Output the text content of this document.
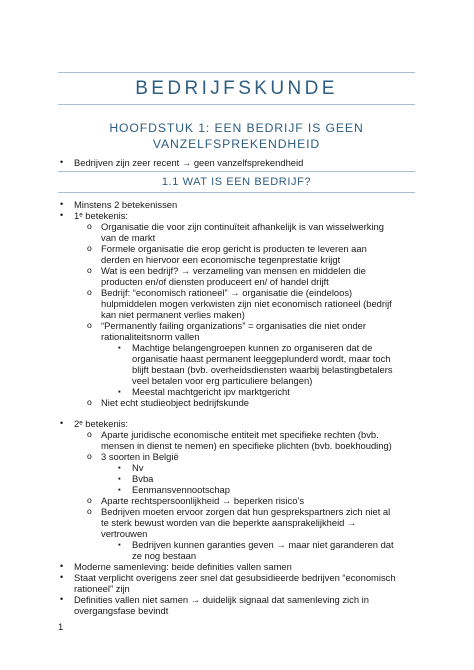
BEDRIJFSKUNDE
HOOFDSTUK 1: EEN BEDRIJF IS GEEN
VANZELFSPREKENDHEID
1.1 WAT IS EEN BEDRIJF?
• Bedrijven zijn zeer recent → geen vanzelfsprekendheid
• Minstens 2 betekenissen
• 1ᵉ betekenis:
o Organisatie die voor zijn continuïteit afhankelijk is van wisselwerking
van de markt
o Formele organisatie die erop gericht is producten te leveren aan
derden en hiervoor een economische tegenprestatie krijgt
o Wat is een bedrijf? → verzameling van mensen en middelen die
producten en/of diensten produceert en/ of handel drijft
o Bedrijf: “economisch rationeel” → organisatie die (eindeloos)
hulpmiddelen mogen verkwisten zijn niet economisch rationeel (bedrijf
kan niet permanent verlies maken)
o “Permanently failing organizations” = organisaties die niet onder
rationaliteitsnorm vallen
▪ Machtige belangengroepen kunnen zo organiseren dat de
organisatie haast permanent leeggeplunderd wordt, maar toch
blijft bestaan (bvb. overheidsdiensten waarbij belastingbetalers
veel betalen voor erg particuliere belangen)
▪ Meestal machtgericht ipv marktgericht
o Niet echt studieobject bedrijfskunde
• 2ᵉ betekenis:
o Aparte juridische economische entiteit met specifieke rechten (bvb.
mensen in dienst te nemen) en specifieke plichten (bvb. boekhouding)
o 3 soorten in België
▪ Nv
▪ Bvba
▪ Eenmansvennootschap
o Aparte rechtspersoonlijkheid → beperken risico’s
o Bedrijven moeten ervoor zorgen dat hun gesprekspartners zich niet al
te sterk bewust worden van die beperkte aansprakelijkheid →
vertrouwen
▪ Bedrijven kunnen garanties geven → maar niet garanderen dat
ze nog bestaan
• Moderne samenleving: beide definities vallen samen
• Staat verplicht overigens zeer snel dat gesubsidieerde bedrijven “economisch
rationeel” zijn
• Definities vallen niet samen → duidelijk signaal dat samenleving zich in
overgangsfase bevindt
1
